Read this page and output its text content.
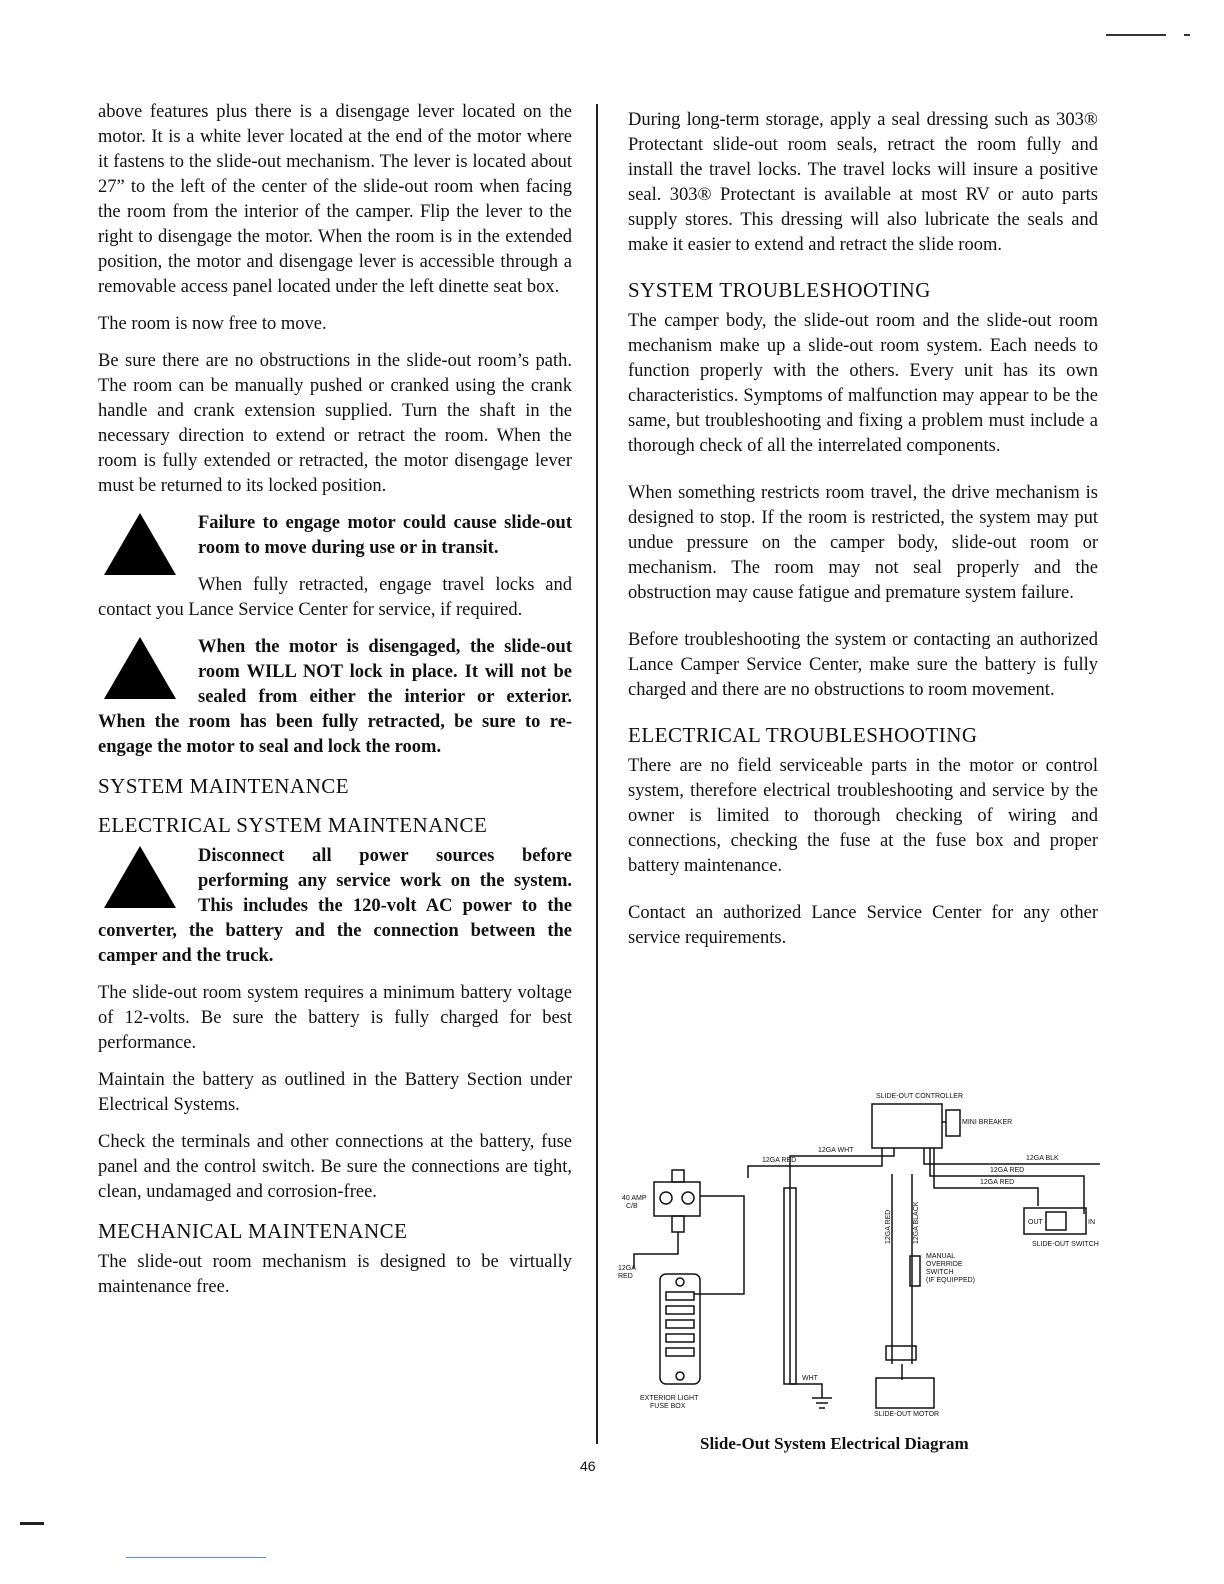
above features plus there is a disengage lever located on the motor. It is a white lever located at the end of the motor where it fastens to the slide-out mechanism. The lever is located about 27” to the left of the center of the slide-out room when facing the room from the interior of the camper. Flip the lever to the right to disengage the motor. When the room is in the extended position, the motor and disengage lever is accessible through a removable access panel located under the left dinette seat box.

The room is now free to move.

Be sure there are no obstructions in the slide-out room’s path. The room can be manually pushed or cranked using the crank handle and crank extension supplied. Turn the shaft in the necessary direction to extend or retract the room. When the room is fully extended or retracted, the motor disengage lever must be returned to its locked position.

Failure to engage motor could cause slide-out room to move during use or in transit.

When fully retracted, engage travel locks and contact you Lance Service Center for service, if required.

When the motor is disengaged, the slide-out room WILL NOT lock in place. It will not be sealed from either the interior or exterior. When the room has been fully retracted, be sure to re-engage the motor to seal and lock the room.

SYSTEM MAINTENANCE
ELECTRICAL SYSTEM MAINTENANCE

Disconnect all power sources before performing any service work on the system. This includes the 120-volt AC power to the converter, the battery and the connection between the camper and the truck.

The slide-out room system requires a minimum battery voltage of 12-volts. Be sure the battery is fully charged for best performance.

Maintain the battery as outlined in the Battery Section under Electrical Systems.

Check the terminals and other connections at the battery, fuse panel and the control switch. Be sure the connections are tight, clean, undamaged and corrosion-free.

MECHANICAL MAINTENANCE

The slide-out room mechanism is designed to be virtually maintenance free.

During long-term storage, apply a seal dressing such as 303® Protectant slide-out room seals, retract the room fully and install the travel locks. The travel locks will insure a positive seal. 303® Protectant is available at most RV or auto parts supply stores. This dressing will also lubricate the seals and make it easier to extend and retract the slide room.

SYSTEM TROUBLESHOOTING

The camper body, the slide-out room and the slide-out room mechanism make up a slide-out room system. Each needs to function properly with the others. Every unit has its own characteristics. Symptoms of malfunction may appear to be the same, but troubleshooting and fixing a problem must include a thorough check of all the interrelated components.

When something restricts room travel, the drive mechanism is designed to stop. If the room is restricted, the system may put undue pressure on the camper body, slide-out room or mechanism. The room may not seal properly and the obstruction may cause fatigue and premature system failure.

Before troubleshooting the system or contacting an authorized Lance Camper Service Center, make sure the battery is fully charged and there are no obstructions to room movement.

ELECTRICAL TROUBLESHOOTING

There are no field serviceable parts in the motor or control system, therefore electrical troubleshooting and service by the owner is limited to thorough checking of wiring and connections, checking the fuse at the fuse box and proper battery maintenance.

Contact an authorized Lance Service Center for any other service requirements.

SLIDE-OUT CONTROLLER
MINI BREAKER
12GA RED
12GA WHT
12GA BLK
12GA RED
12GA RED
40 AMP
C/B
12GA RED	12GA BLACK
12GA
RED
OUT	IN
SLIDE-OUT SWITCH
MANUAL
OVERRIDE
SWITCH
(IF EQUIPPED)
WHT
EXTERIOR LIGHT
FUSE BOX
SLIDE-OUT MOTOR
Slide-Out System Electrical Diagram
46
